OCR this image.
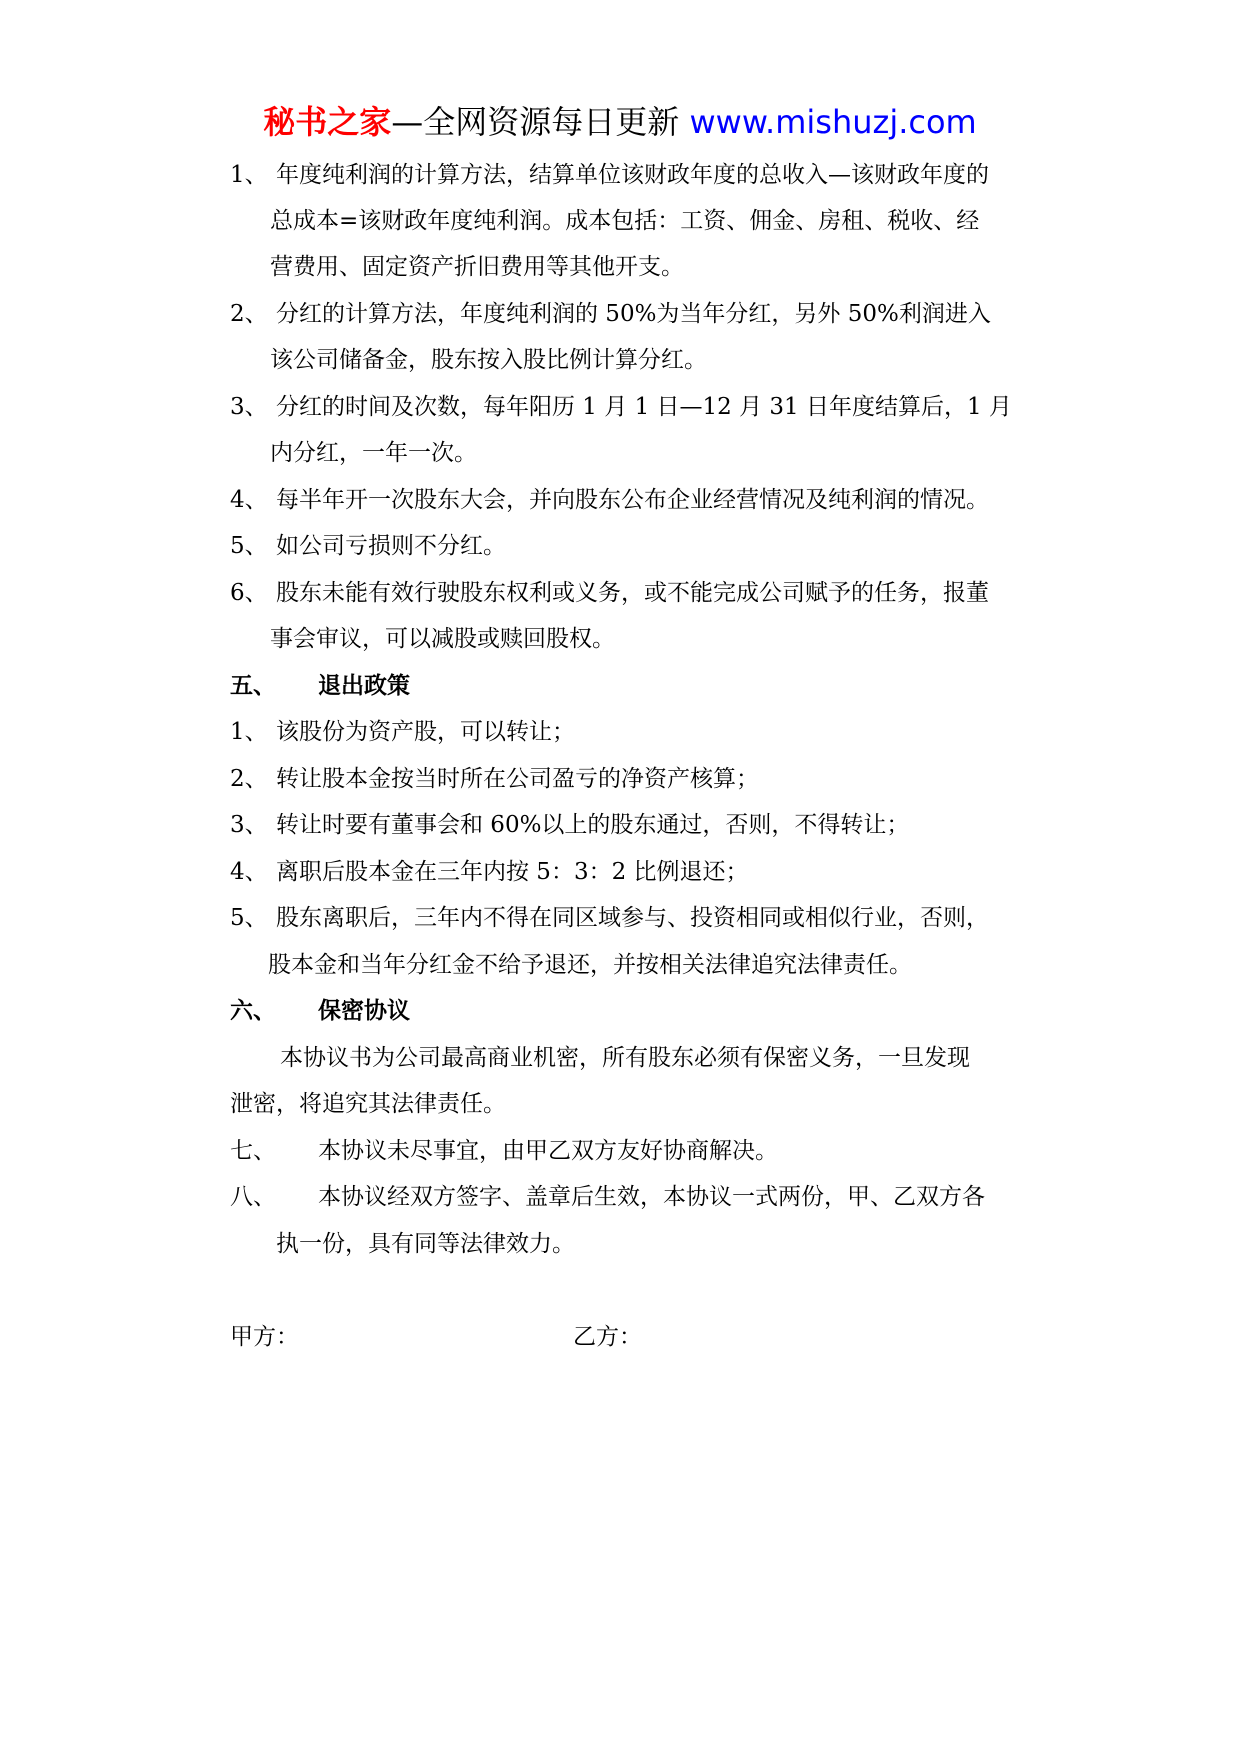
秘书之家—全网资源每日更新 www.mishuzj.com
1、 年度纯利润的计算方法，结算单位该财政年度的总收入—该财政年度的
总成本=该财政年度纯利润。成本包括：工资、佣金、房租、税收、经
营费用、固定资产折旧费用等其他开支。
2、 分红的计算方法，年度纯利润的 50%为当年分红，另外 50%利润进入
该公司储备金，股东按入股比例计算分红。
3、 分红的时间及次数，每年阳历 1 月 1 日—12 月 31 日年度结算后，1 月
内分红，一年一次。
4、 每半年开一次股东大会，并向股东公布企业经营情况及纯利润的情况。
5、 如公司亏损则不分红。
6、 股东未能有效行驶股东权利或义务，或不能完成公司赋予的任务，报董
事会审议，可以减股或赎回股权。
五、 退出政策
1、 该股份为资产股，可以转让；
2、 转让股本金按当时所在公司盈亏的净资产核算；
3、 转让时要有董事会和 60%以上的股东通过，否则，不得转让；
4、 离职后股本金在三年内按 5：3：2 比例退还；
5、 股东离职后，三年内不得在同区域参与、投资相同或相似行业，否则，
股本金和当年分红金不给予退还，并按相关法律追究法律责任。
六、 保密协议
本协议书为公司最高商业机密，所有股东必须有保密义务，一旦发现
泄密，将追究其法律责任。
七、 本协议未尽事宜，由甲乙双方友好协商解决。
八、 本协议经双方签字、盖章后生效，本协议一式两份，甲、乙双方各
执一份，具有同等法律效力。
甲方：	乙方：
